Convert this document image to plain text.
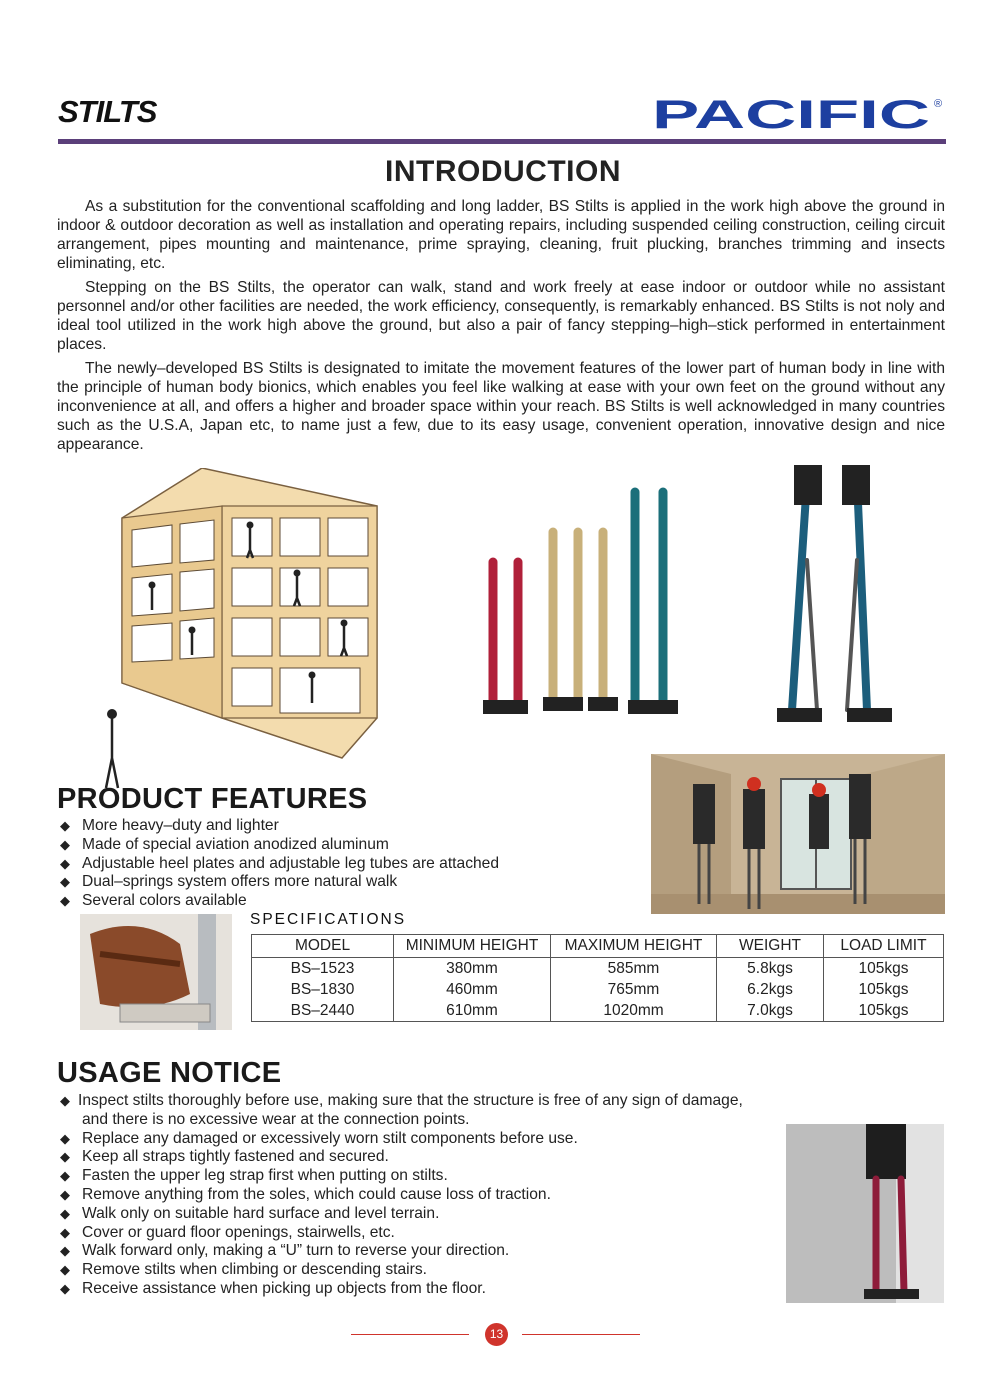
STILTS	PACIFIC ®
INTRODUCTION

As a substitution for the conventional scaffolding and long ladder, BS Stilts is applied in the work high above the ground in indoor & outdoor decoration as well as installation and operating repairs, including suspended ceiling construction, ceiling circuit arrangement, pipes mounting and maintenance, prime spraying, cleaning, fruit plucking, branches trimming and insects eliminating, etc.

Stepping on the BS Stilts, the operator can walk, stand and work freely at ease indoor or outdoor while no assistant personnel and/or other facilities are needed, the work efficiency, consequently, is remarkably enhanced. BS Stilts is not noly and ideal tool utilized in the work high above the ground, but also a pair of fancy stepping–high–stick performed in entertainment places.

The newly–developed BS Stilts is designated to imitate the movement features of the lower part of human body in line with the principle of human body bionics, which enables you feel like walking at ease with your own feet on the ground without any inconvenience at all, and offers a higher and broader space within your reach. BS Stilts is well acknowledged in many countries such as the U.S.A, Japan etc, to name just a few, due to its easy usage, convenient operation, innovative design and nice appearance.

PRODUCT FEATURES
◆ More heavy–duty and lighter
◆ Made of special aviation anodized aluminum
◆ Adjustable heel plates and adjustable leg tubes are attached
◆ Dual–springs system offers more natural walk
◆ Several colors available
SPECIFICATIONS
MODEL	MINIMUM HEIGHT	MAXIMUM HEIGHT	WEIGHT	LOAD LIMIT
BS–1523	380mm	585mm	5.8kgs	105kgs
BS–1830	460mm	765mm	6.2kgs	105kgs
BS–2440	610mm	1020mm	7.0kgs	105kgs
USAGE NOTICE
◆ Inspect stilts thoroughly before use, making sure that the structure is free of any sign of damage,
and there is no excessive wear at the connection points.
◆ Replace any damaged or excessively worn stilt components before use.
◆ Keep all straps tightly fastened and secured.
◆ Fasten the upper leg strap first when putting on stilts.
◆ Remove anything from the soles, which could cause loss of traction.
◆ Walk only on suitable hard surface and level terrain.
◆ Cover or guard floor openings, stairwells, etc.
◆ Walk forward only, making a “U” turn to reverse your direction.
◆ Remove stilts when climbing or descending stairs.
◆ Receive assistance when picking up objects from the floor.
13
